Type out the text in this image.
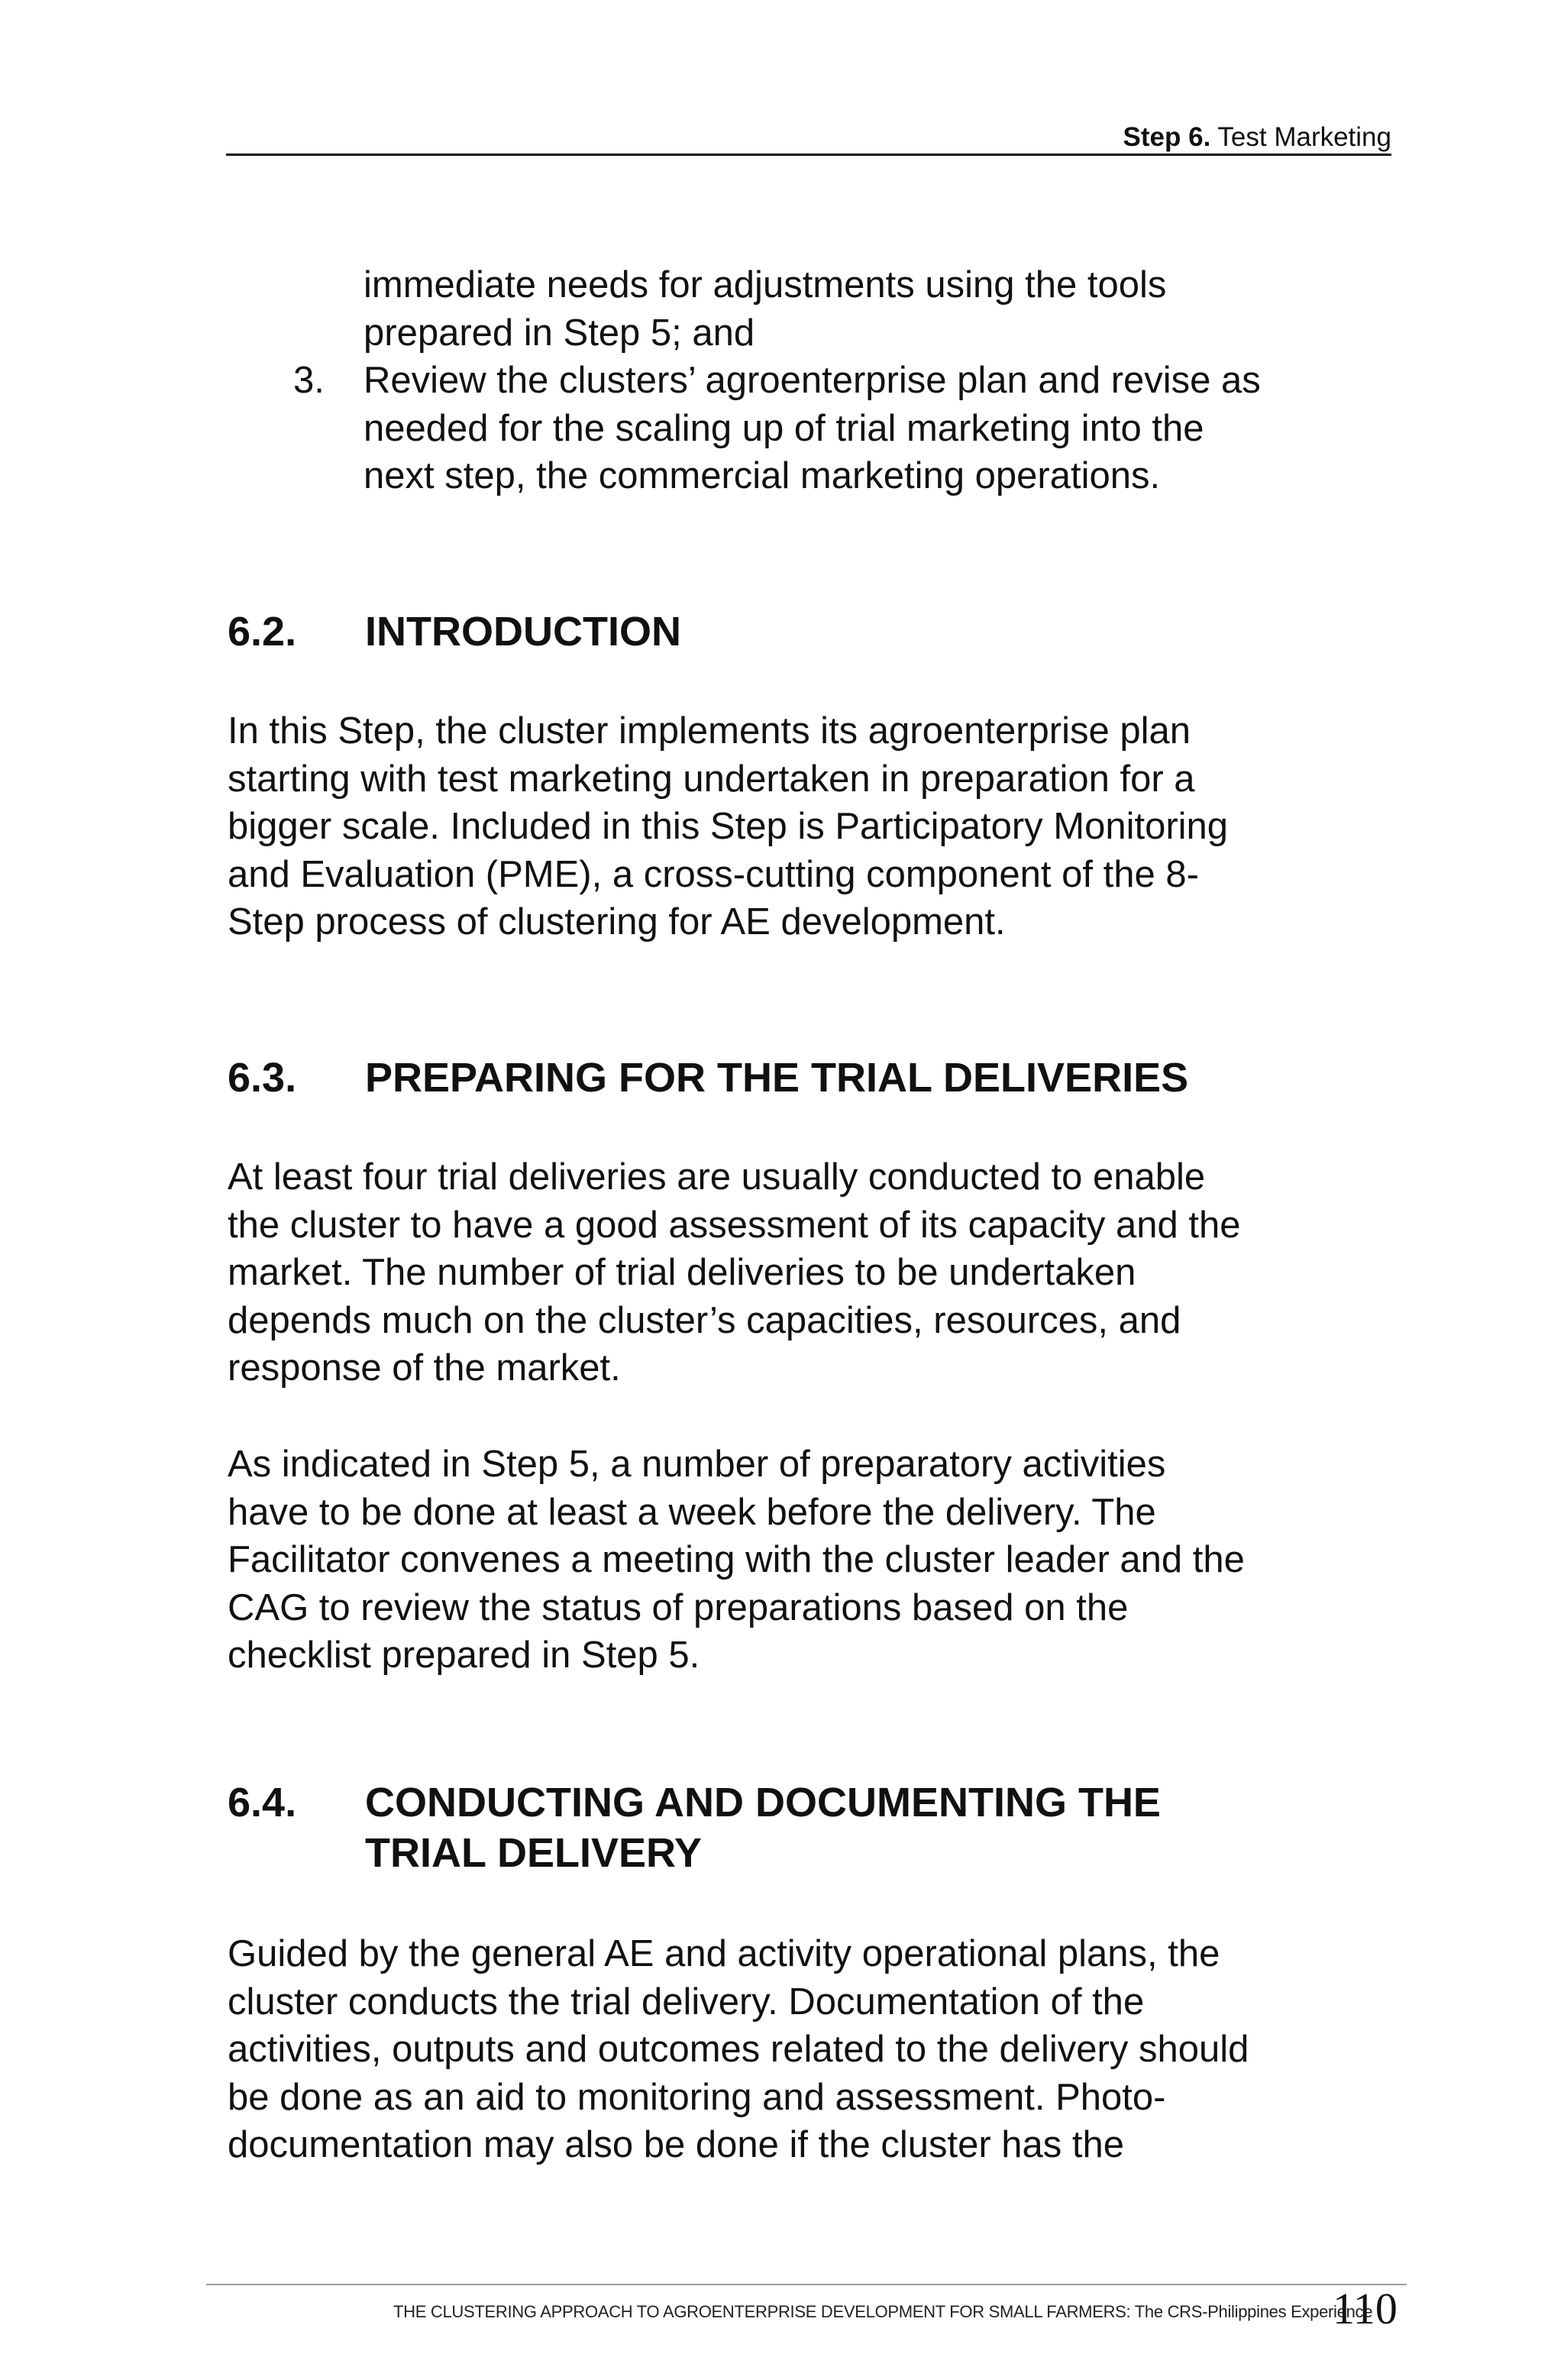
Step 6. Test Marketing
immediate needs for adjustments using the tools
prepared in Step 5; and
3. Review the clusters’ agroenterprise plan and revise as
needed for the scaling up of trial marketing into the
next step, the commercial marketing operations.
6.2. INTRODUCTION
In this Step, the cluster implements its agroenterprise plan
starting with test marketing undertaken in preparation for a
bigger scale. Included in this Step is Participatory Monitoring
and Evaluation (PME), a cross-cutting component of the 8-
Step process of clustering for AE development.
6.3. PREPARING FOR THE TRIAL DELIVERIES
At least four trial deliveries are usually conducted to enable
the cluster to have a good assessment of its capacity and the
market. The number of trial deliveries to be undertaken
depends much on the cluster’s capacities, resources, and
response of the market.
As indicated in Step 5, a number of preparatory activities
have to be done at least a week before the delivery. The
Facilitator convenes a meeting with the cluster leader and the
CAG to review the status of preparations based on the
checklist prepared in Step 5.
6.4. CONDUCTING AND DOCUMENTING THE
TRIAL DELIVERY
Guided by the general AE and activity operational plans, the
cluster conducts the trial delivery. Documentation of the
activities, outputs and outcomes related to the delivery should
be done as an aid to monitoring and assessment. Photo-
documentation may also be done if the cluster has the
THE CLUSTERING APPROACH TO AGROENTERPRISE DEVELOPMENT FOR SMALL FARMERS: The CRS-Philippines Experience
110
